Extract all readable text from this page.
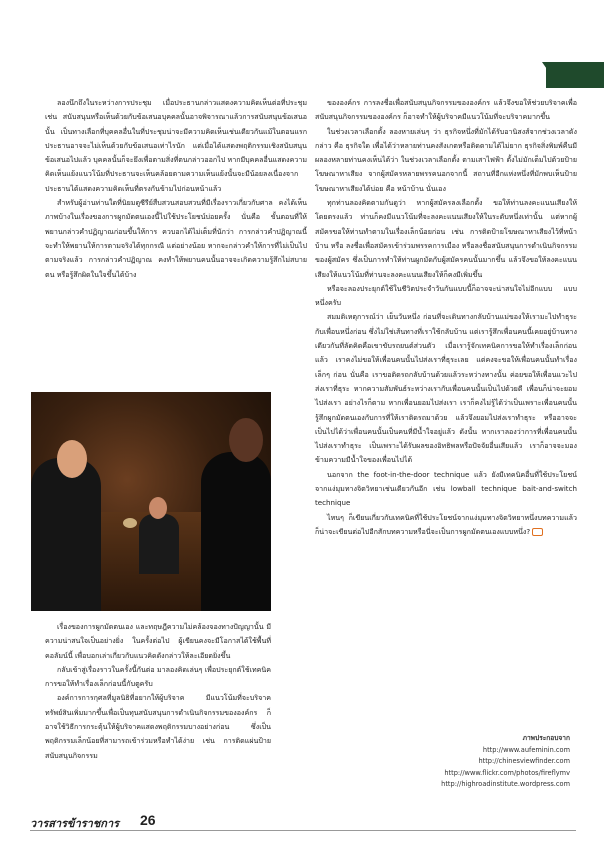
ลองนึกถึงในระหว่างการประชุม เมื่อประธานกล่าวแสดงความคิดเห็นต่อที่ประชุม เช่น สนับสนุนหรือเห็นด้วยกับข้อเสนอบุคคลนั้นอาจพิจารณาแล้วการสนับสนุนข้อเสนอนั้น เป็นทางเลือกที่บุคคลอื่นในที่ประชุมน่าจะมีความคิดเห็นเช่นเดียวกันแม้ในตอนแรกประธานอาจจะไม่เห็นด้วยกับข้อเสนอเท่าไรนัก แต่เมื่อได้แสดงพฤติกรรมเชิงสนับสนุนข้อเสนอไปแล้ว บุคคลนั้นก็จะยึงเพื่อตามสิ่งที่ตนกล่าวออกไป หากมีบุคคลอื่นแสดงความคิดเห็นแย้งแนวโน้มที่ประธานจะเห็นคล้อยตามความเห็นแย้งนั้นจะมีน้อยลงเนื่องจากประธานได้แสดงความคิดเห็นที่ตรงกันข้ามไปก่อนหน้าแล้ว

สำหรับผู้อ่านท่านใดที่นิยมดูซีรีย์สืบสวนสอบสวนที่มีเรื่องราวเกี่ยวกับศาล คงได้เห็นภาพบ้างในเรื่องของการผูกมัดตนเองนี้ไปใช้ประโยชน์บ่อยครั้ง นั่นคือ ขั้นตอนที่ให้พยานกล่าวคำปฏิญาณก่อนขึ้นให้การ ควบอกได้ไม่เต็มที่นักว่า การกล่าวคำปฏิญาณนี้จะทำให้พยานให้การตามจริงได้ทุกกรณี แต่อย่างน้อย หากจะกล่าวคำให้การที่ไม่เป็นไปตามจริงแล้ว การกล่าวคำปฏิญาณ คงทำให้พยานคนนั้นอาจจะเกิดความรู้สึกไม่สบายตน หรือรู้สึกผิดในใจขึ้นได้บ้าง

เรื่องของการผูกมัดตนเอง และทฤษฎีความไม่คล้องจองทางปัญญานั้น มีความน่าสนใจเป็นอย่างยิ่ง ในครั้งต่อไป ผู้เขียนคงจะมีโอกาสได้ใช้พื้นที่คอลัมน์นี้ เพื่อบอกเล่าเกี่ยวกับแนวคิดดังกล่าวให้ละเอียดยิ่งขึ้น

กลับเข้าสู่เรื่องราวในครั้งนี้กันต่อ มาลองคิดเล่นๆ เพื่อประยุกต์ใช้เทคนิคการขอให้ทำเรื่องเล็กก่อนนี้กับตูครับ

องค์การการกุศลที่มูลนิธิที่อยากให้ผู้บริจาค มีแนวโน้มที่จะบริจาคทรัพย์สินเพิ่มมากขึ้นเพื่อเป็นทุนสนับสนุนการดำเนินกิจกรรมขององค์กร ก็อาจใช้วิธีการกระตุ้นให้ผู้บริจาคแสดงพฤติกรรมบางอย่างก่อน ซึ่งเป็นพฤติกรรมเล็กน้อยที่สามารถเข้าร่วมหรือทำได้ง่าย เช่น การติดแผ่นป้ายสนับสนุนกิจกรรม

ขององค์กร การลงชื่อเพื่อสนับสนุนกิจกรรมขององค์กร แล้วจึงขอให้ช่วยบริจาคเพื่อสนับสนุนกิจกรรมขององค์กร ก็อาจทำให้ผู้บริจาคมีแนวโน้มที่จะบริจาคมากขึ้น

ในช่วงเวลาเลือกตั้ง ลองหายเล่นๆ ว่า ธุรกิจหนึ่งที่มักได้รับอานิสงส์จากช่วงเวลาดังกล่าว คือ ธุรกิจใด เพื่อได้ว่าหลายท่านคงสังเกตหรือติดตามได้ไม่ยาก ธุรกิจสิ่งพิมพ์คืนมีผลองหลายท่านคงเห็นได้ว่า ในช่วงเวลาเลือกตั้ง ตามเสาไฟฟ้า ตั้งไม่มักเต็มไปด้วยป้ายโฆษณาหาเสียง จากผู้สมัครหลายพรรคนอกจากนี้ สถานที่อีกแห่งหนึ่งที่มักพบเห็นป้ายโฆษณาหาเสียงได้บ่อย คือ หน้าบ้าน นั่นเอง

ทุกท่านลองคิดตามกันดูว่า หากผู้สมัครลงเลือกตั้ง ขอให้ท่านลงคะแนนเสียงให้โดยตรงแล้ว ท่านก็คงมีแนวโน้มที่จะลงคะแนนเสียงให้ในระดับหนึ่งเท่านั้น แต่หากผู้สมัครขอให้ท่านทำตามในเรื่องเล็กน้อยก่อน เช่น การติดป้ายโฆษณาหาเสียงไว้ที่หน้าบ้าน หรือ ลงชื่อเพื่อสมัครเข้าร่วมพรรคการเมือง หรือลงชื่อสนับสนุนการดำเนินกิจกรรมของผู้สมัคร ซึ่งเป็นการทำให้ท่านผูกมัดกับผู้สมัครคนนั้นมากขึ้น แล้วจึงขอให้ลงคะแนนเสียงให้แนวโน้มที่ท่านจะลงคะแนนเสียงให้ก็คงมีเพิ่มขึ้น

หรือจะลองประยุกต์ใช้ในชีวิตประจำวันกันแบบนี้ก็อาจจะน่าสนใจไม่อีกแบบ แบบหนึ่งครับ

สมมติเหตุการณ์ว่า เย็นวันหนึ่ง ก่อนที่จะเดินทางกลับบ้านแม่ของให้เรามะไปทำธุระกับเพื่อนหนึ่งก่อน ซึ่งไม่ใช่เส้นทางที่เราใช้กลับบ้าน แต่เรารู้สึกเพื่อนคนนี้เคยอยู่บ้านทางเดียวกันที่ลัดคิดคือเขาขับรถยนต์ส่วนตัว เมื่อเรารู้จักเทคนิคการขอให้ทำเรื่องเล็กก่อนแล้ว เราคงไม่ขอให้เพื่อนคนนั้นไปส่งเราที่ธุระเลย แต่คงจะขอให้เพื่อนคนนั้นทำเรื่องเล็กๆ ก่อน นั่นคือ เราขอติดรถกลับบ้านด้วยแล้วระหว่างทางนั้น ค่อยขอให้เพื่อนแวะไปส่งเราที่ธุระ หากความสัมพันธ์ระหว่างเรากับเพื่อนคนนั้นเป็นไปด้วยดี เพื่อนก็น่าจะยอมไปส่งเรา อย่างไรก็ตาม หากเพื่อนยอมไปส่งเรา เราก็คงไม่รู้ได้ว่าเป็นเพราะเพื่อนคนนั้นรู้สึกผูกมัดตนเองกับการที่ให้เราติดรถมาด้วย แล้วจึงยอมไปส่งเราทำธุระ หรืออาจจะเป็นไปได้ว่าเพื่อนคนนั้นเป็นคนที่มีน้ำใจอยู่แล้ว ดังนั้น หากเราลองว่าการที่เพื่อนคนนั้นไปส่งเราทำธุระ เป็นเพราะได้รับผลของอิทธิพลหรือปัจจัยอื่นเสียแล้ว เราก็อาจจะมองข้ามความมีน้ำใจของเพื่อนไปได้

นอกจาก the foot-in-the-door technique แล้ว ยังมีเทคนิคอื่นที่ใช้ประโยชน์จากแง่มุมทางจิตวิทยาเช่นเดียวกันอีก เช่น lowball technique bait-and-switch technique

ไหนๆ ก็เขียนเกี่ยวกับเทคนิคที่ใช้ประโยชน์จากแง่มุมทางจิตวิทยาหนึ่งบทความแล้ว ก็น่าจะเขียนต่อไปอีกสักบทความหรือนี่จะเป็นการผูกมัดตนเองแบบหนึ่ง?

ภาพประกอบจาก
http://www.aufeminin.com
http://chinesviewfinder.com
http://www.flickr.com/photos/fireflymv
http://highroadinstitute.wordpress.com
วารสารข้าราชการ 26
